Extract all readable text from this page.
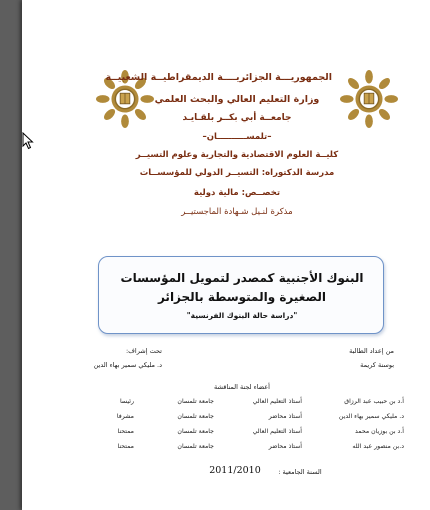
الجمهوريـــة الجزائريــــة الديمقراطيــة الشعبيــة
وزارة التعليم العالي والبحث العلمي
جامعــة أبي بكــر بلقـايـد
–تلمســــــــــان–
كليــة العلوم الاقتصادية والتجارية وعلوم التسيــر
مدرسة الدكتوراه: التسيــر الدولي للمؤسســات
تخصــص: مالية دولية
مذكرة لنـيل شـهادة الماجستيــر
البنوك الأجنبية كمصدر لتمويل المؤسسات
الصغيرة والمتوسطة بالجزائر
"دراسة حالة البنوك الفرنسية"
من إعداد الطالبة
بوسنة كريمة
تحت إشراف:
د. مليكي سمير بهاء الدين
أعضاء لجنة المناقشة
أ.د بن حبيب عبد الرزاق
أستاذ التعليم العالي
جامعة تلمسان
رئيسا
د. مليكي سمير بهاء الدين
أستاذ محاضر
جامعة تلمسان
مشرفا
أ.د بن بوزيان محمد
أستاذ التعليم العالي
جامعة تلمسان
ممتحنا
د.بن منصور عبد الله
أستاذ محاضر
جامعة تلمسان
ممتحنا
السنة الجامعية :
2011/2010
